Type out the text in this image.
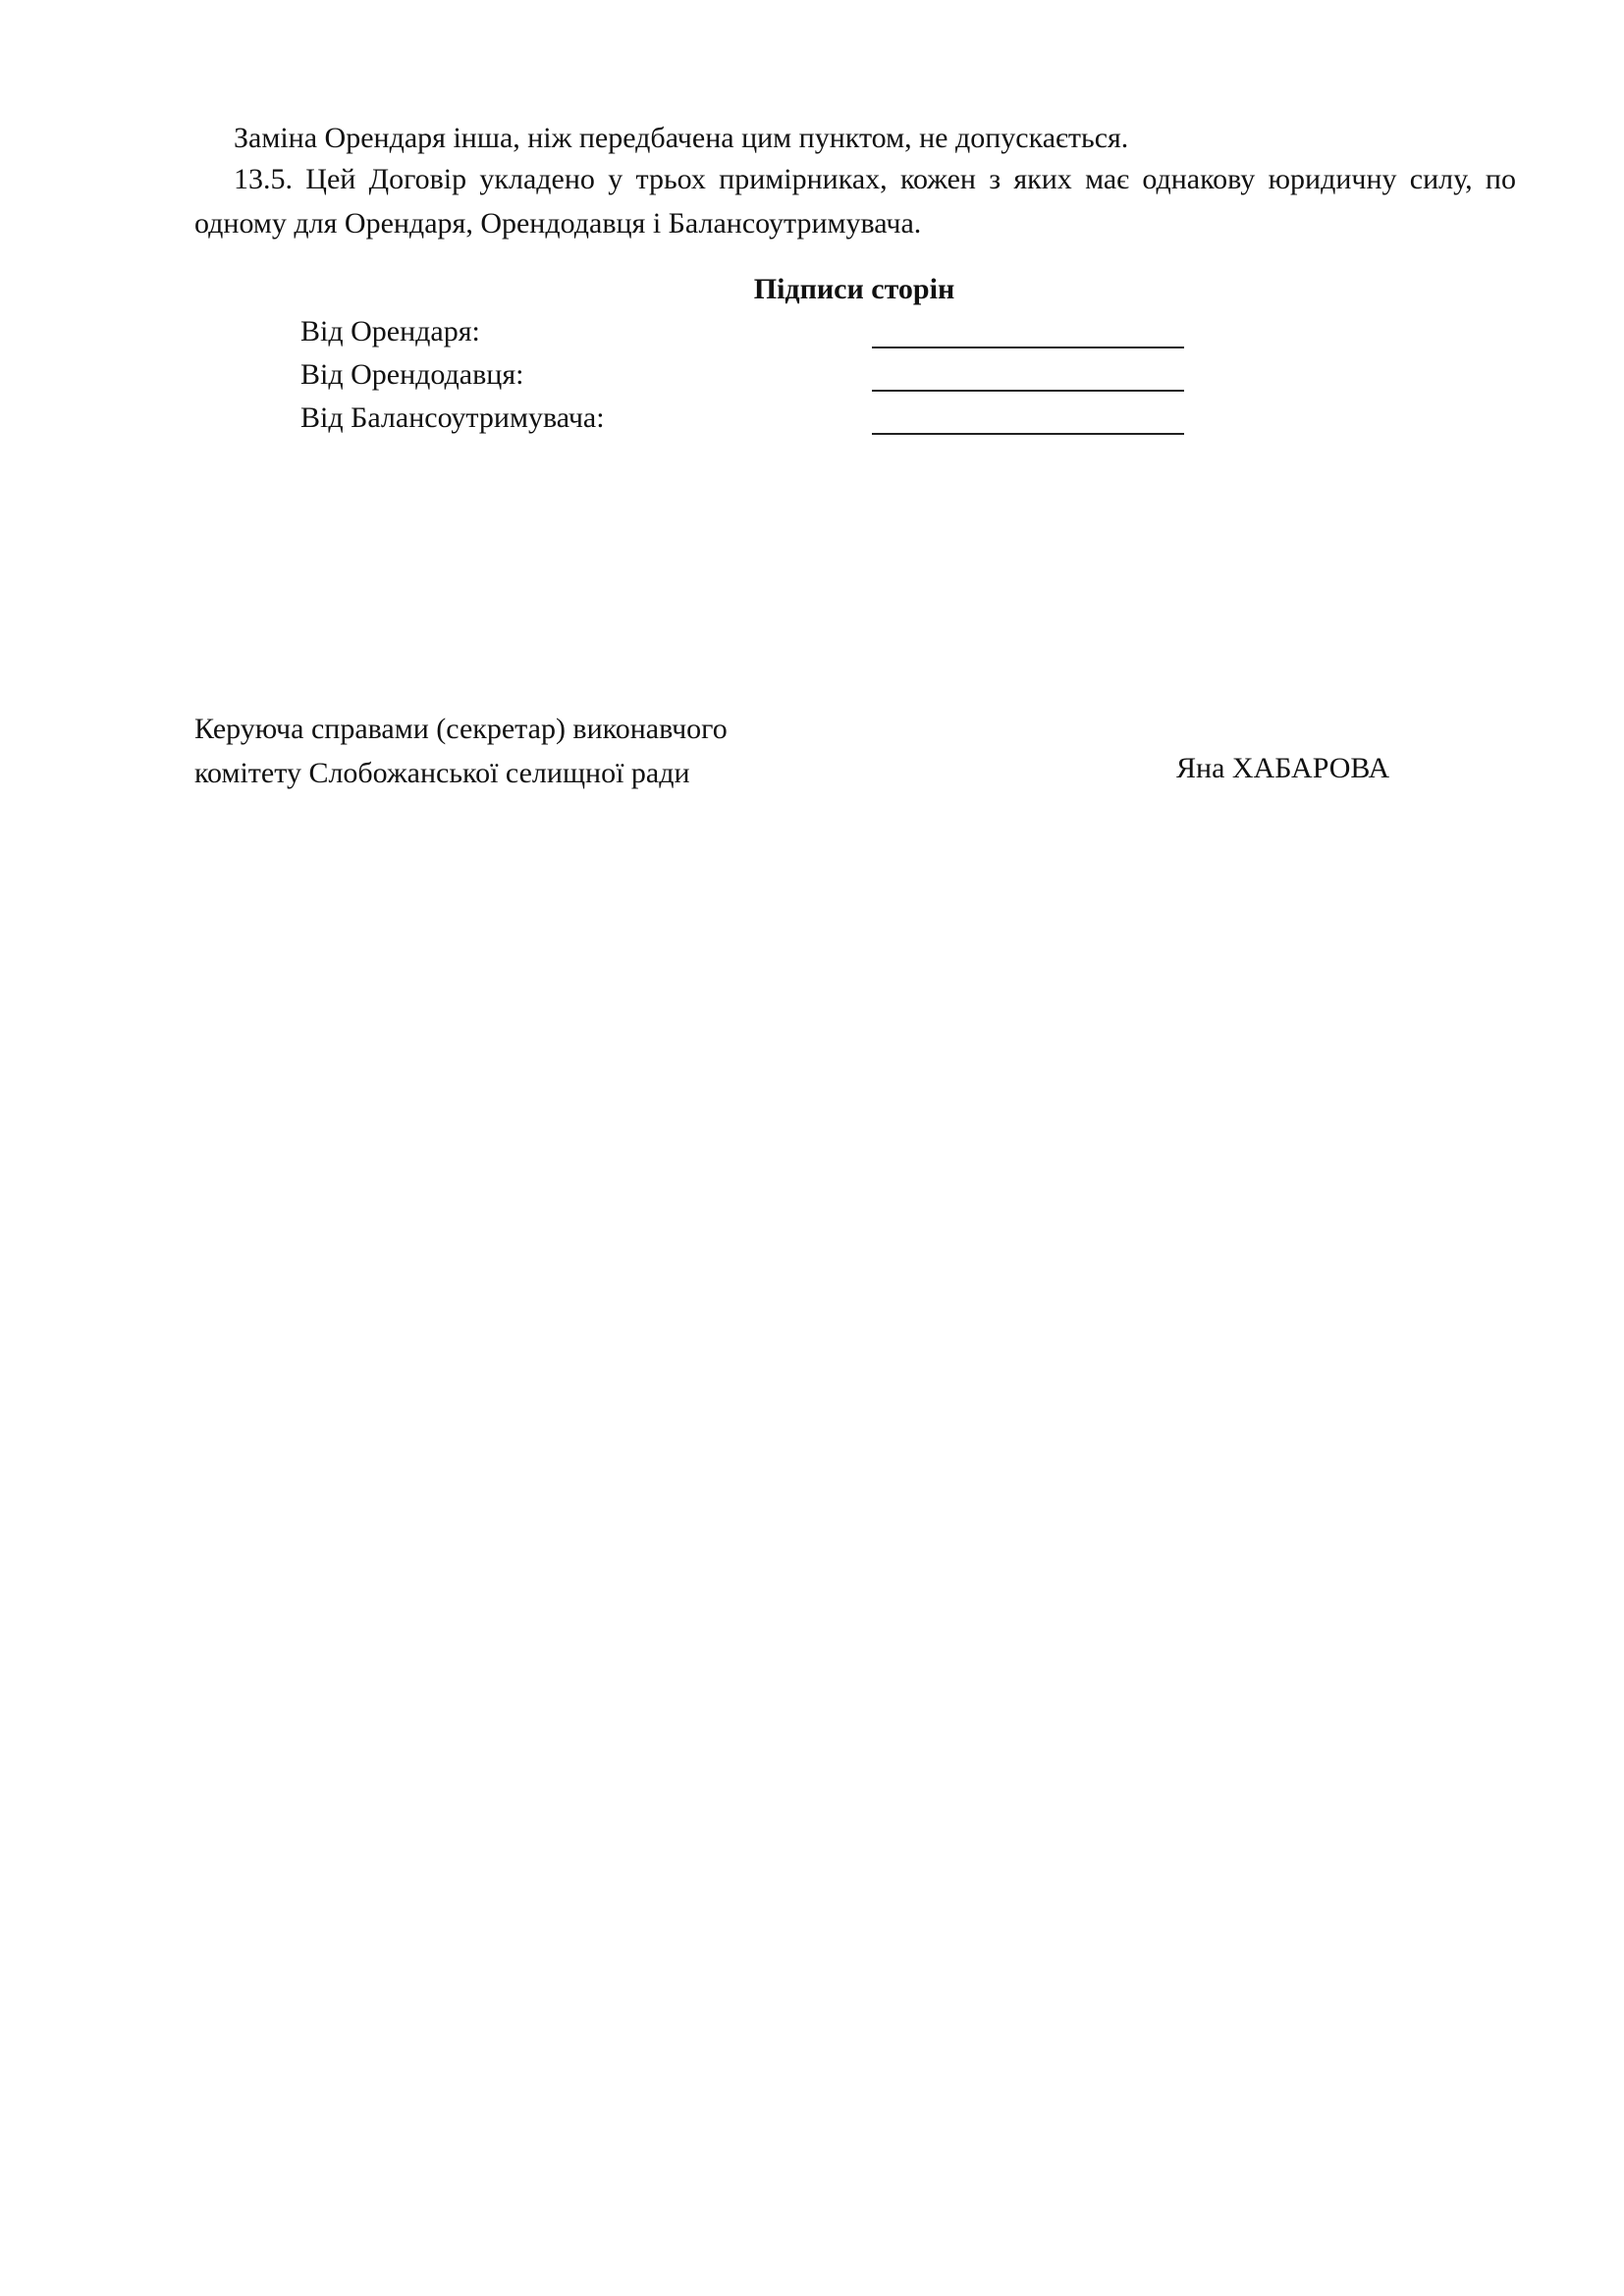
Заміна Орендаря інша, ніж передбачена цим пунктом, не допускається.

13.5. Цей Договір укладено у трьох примірниках, кожен з яких має однакову юридичну силу, по одному для Орендаря, Орендодавця і Балансоутримувача.

Підписи сторін

Від Орендаря:
Від Орендодавця:
Від Балансоутримувача:

Керуюча справами (секретар) виконавчого
комітету Слобожанської селищної ради	Яна ХАБАРОВА
